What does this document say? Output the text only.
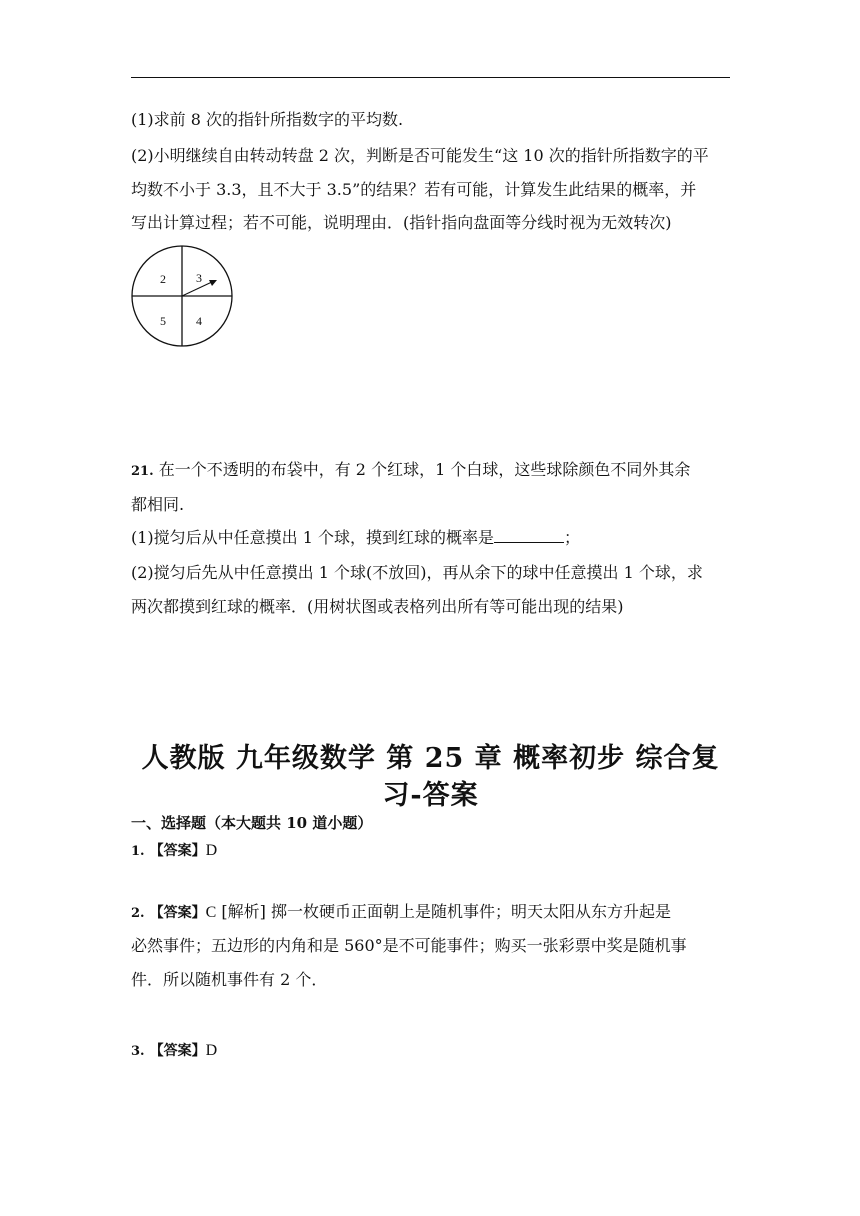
(1)求前 8 次的指针所指数字的平均数.
(2)小明继续自由转动转盘 2 次，判断是否可能发生“这 10 次的指针所指数字的平
均数不小于 3.3，且不大于 3.5”的结果？若有可能，计算发生此结果的概率，并
写出计算过程；若不可能，说明理由．(指针指向盘面等分线时视为无效转次)
2	3
5	4
21. 在一个不透明的布袋中，有 2 个红球，1 个白球，这些球除颜色不同外其余
都相同.
(1)搅匀后从中任意摸出 1 个球，摸到红球的概率是	；
(2)搅匀后先从中任意摸出 1 个球(不放回)，再从余下的球中任意摸出 1 个球，求
两次都摸到红球的概率．(用树状图或表格列出所有等可能出现的结果)
人教版 九年级数学 第 25 章 概率初步 综合复
习-答案
一、选择题（本大题共 10 道小题）
1. 【答案】D
2. 【答案】C [解析] 掷一枚硬币正面朝上是随机事件；明天太阳从东方升起是
必然事件；五边形的内角和是 560°是不可能事件；购买一张彩票中奖是随机事
件．所以随机事件有 2 个．
3. 【答案】D
